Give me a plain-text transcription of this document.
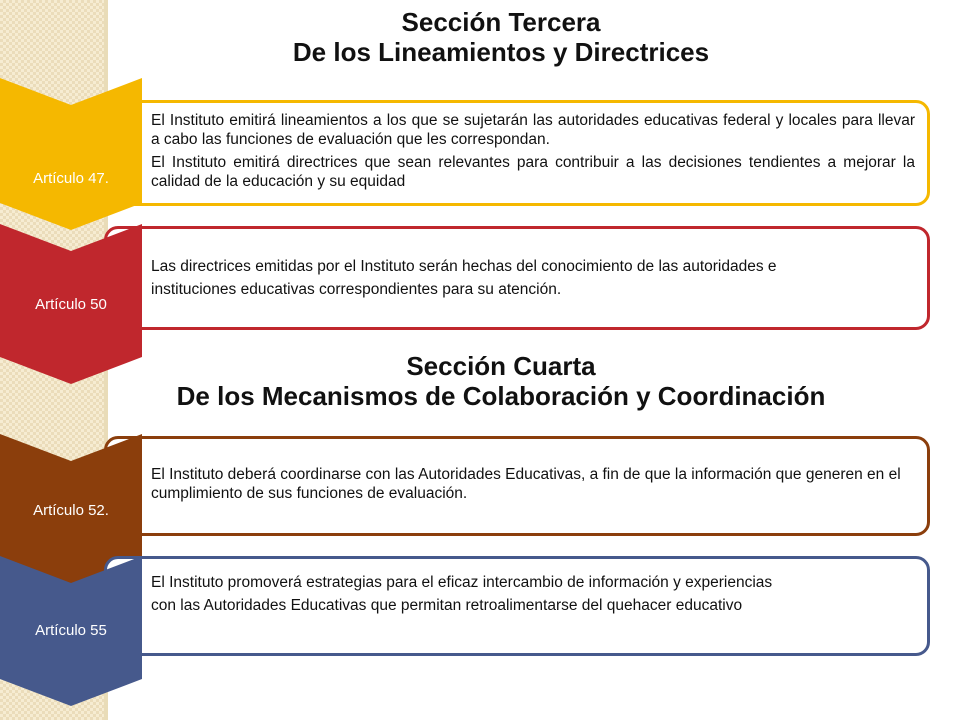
Sección Tercera
De los Lineamientos y Directrices
• El Instituto emitirá lineamientos a los que se sujetarán las autoridades educativas federal y locales para llevar a cabo las funciones de evaluación que les correspondan.
• El Instituto emitirá directrices que sean relevantes para contribuir a las decisiones tendientes a mejorar la calidad de la educación y su equidad
Artículo 47.
• Las directrices emitidas por el Instituto serán hechas del conocimiento de las autoridades e
• instituciones educativas correspondientes para su atención.
Artículo 50
Sección Cuarta
De los Mecanismos de Colaboración y Coordinación
• El Instituto deberá coordinarse con las Autoridades Educativas, a fin de que la información que generen en el cumplimiento de sus funciones de evaluación.
Artículo 52.
• El Instituto promoverá estrategias para el eficaz intercambio de información y experiencias
• con las Autoridades Educativas que permitan retroalimentarse del quehacer educativo
Artículo 55
